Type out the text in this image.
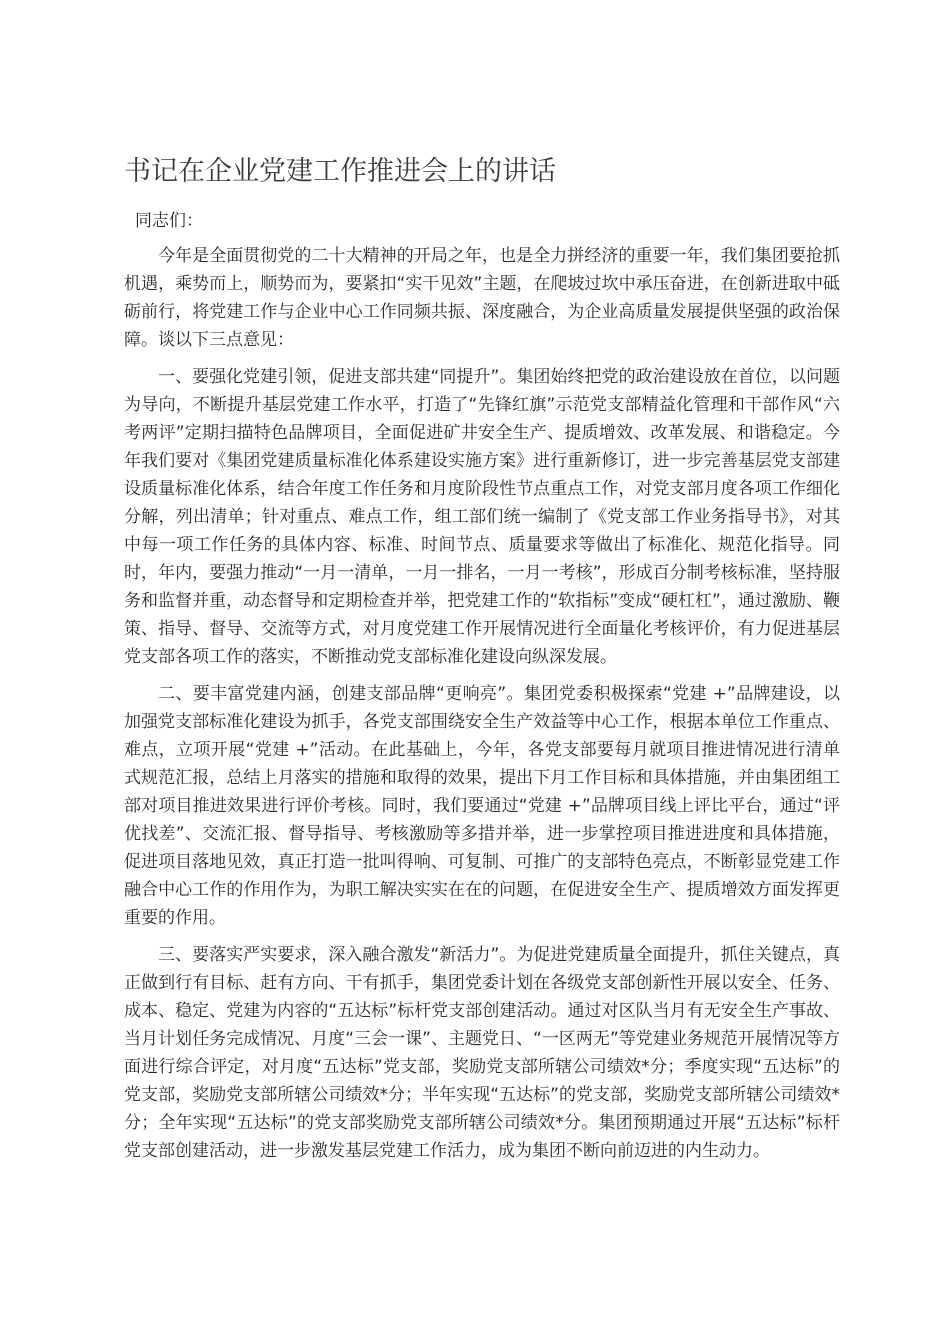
书记在企业党建工作推进会上的讲话

同志们：

今年是全面贯彻党的二十大精神的开局之年，也是全力拼经济的重要一年，我们集团要抢抓机遇，乘势而上，顺势而为，要紧扣“实干见效”主题，在爬坡过坎中承压奋进，在创新进取中砥砺前行，将党建工作与企业中心工作同频共振、深度融合，为企业高质量发展提供坚强的政治保障。谈以下三点意见：

一、要强化党建引领，促进支部共建“同提升”。集团始终把党的政治建设放在首位，以问题为导向，不断提升基层党建工作水平，打造了“先锋红旗”示范党支部精益化管理和干部作风“六考两评”定期扫描特色品牌项目，全面促进矿井安全生产、提质增效、改革发展、和谐稳定。今年我们要对《集团党建质量标准化体系建设实施方案》进行重新修订，进一步完善基层党支部建设质量标准化体系，结合年度工作任务和月度阶段性节点重点工作，对党支部月度各项工作细化分解，列出清单；针对重点、难点工作，组工部们统一编制了《党支部工作业务指导书》，对其中每一项工作任务的具体内容、标准、时间节点、质量要求等做出了标准化、规范化指导。同时，年内，要强力推动“一月一清单，一月一排名，一月一考核”，形成百分制考核标准，坚持服务和监督并重，动态督导和定期检查并举，把党建工作的“软指标”变成“硬杠杠”，通过激励、鞭策、指导、督导、交流等方式，对月度党建工作开展情况进行全面量化考核评价，有力促进基层党支部各项工作的落实，不断推动党支部标准化建设向纵深发展。

二、要丰富党建内涵，创建支部品牌“更响亮”。集团党委积极探索“党建 +”品牌建设，以加强党支部标准化建设为抓手，各党支部围绕安全生产效益等中心工作，根据本单位工作重点、难点，立项开展“党建 +”活动。在此基础上，今年，各党支部要每月就项目推进情况进行清单式规范汇报，总结上月落实的措施和取得的效果，提出下月工作目标和具体措施，并由集团组工部对项目推进效果进行评价考核。同时，我们要通过“党建 +”品牌项目线上评比平台，通过“评优找差”、交流汇报、督导指导、考核激励等多措并举，进一步掌控项目推进进度和具体措施，促进项目落地见效，真正打造一批叫得响、可复制、可推广的支部特色亮点，不断彰显党建工作融合中心工作的作用作为，为职工解决实实在在的问题，在促进安全生产、提质增效方面发挥更重要的作用。

三、要落实严实要求，深入融合激发“新活力”。为促进党建质量全面提升，抓住关键点，真正做到行有目标、赶有方向、干有抓手，集团党委计划在各级党支部创新性开展以安全、任务、成本、稳定、党建为内容的“五达标”标杆党支部创建活动。通过对区队当月有无安全生产事故、当月计划任务完成情况、月度“三会一课”、主题党日、“一区两无”等党建业务规范开展情况等方面进行综合评定，对月度“五达标”党支部，奖励党支部所辖公司绩效*分；季度实现“五达标”的党支部，奖励党支部所辖公司绩效*分；半年实现“五达标”的党支部，奖励党支部所辖公司绩效*分；全年实现“五达标”的党支部奖励党支部所辖公司绩效*分。集团预期通过开展“五达标”标杆党支部创建活动，进一步激发基层党建工作活力，成为集团不断向前迈进的内生动力。
